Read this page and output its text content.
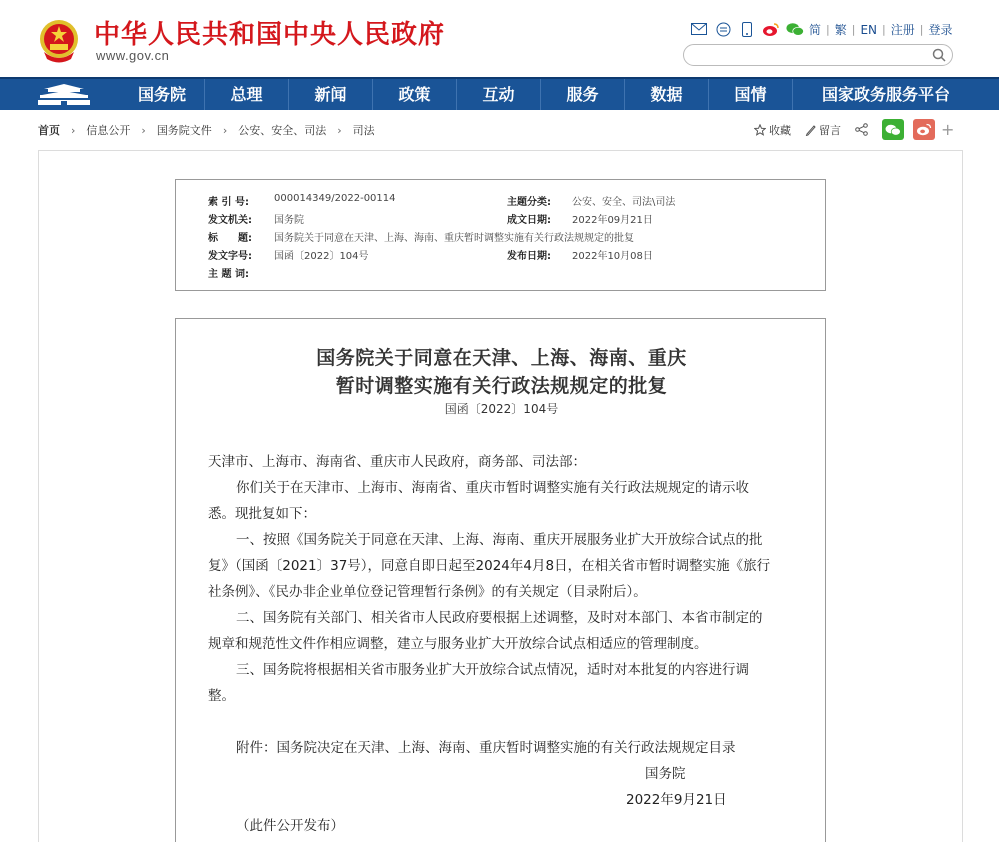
中华人民共和国中央人民政府
www.gov.cn
简 | 繁 | EN | 注册 | 登录
国务院	总理	新闻	政策	互动	服务	数据	国情	国家政务服务平台
首页	›	信息公开	›	国务院文件	›	公安、安全、司法	›	司法	收藏	留言	+
索 引 号:	000014349/2022-00114	主题分类: 公安、安全、司法\司法
发文机关: 国务院	成文日期: 2022年09月21日
标　　题: 国务院关于同意在天津、上海、海南、重庆暂时调整实施有关行政法规规定的批复
发文字号: 国函〔2022〕104号	发布日期: 2022年10月08日
主 题 词:
国务院关于同意在天津、上海、海南、重庆
暂时调整实施有关行政法规规定的批复
国函〔2022〕104号
天津市、上海市、海南省、重庆市人民政府，商务部、司法部：
你们关于在天津市、上海市、海南省、重庆市暂时调整实施有关行政法规规定的请示收
悉。现批复如下：
一、按照《国务院关于同意在天津、上海、海南、重庆开展服务业扩大开放综合试点的批
复》（国函〔2021〕37号），同意自即日起至2024年4月8日，在相关省市暂时调整实施《旅行
社条例》、《民办非企业单位登记管理暂行条例》的有关规定（目录附后）。
二、国务院有关部门、相关省市人民政府要根据上述调整，及时对本部门、本省市制定的
规章和规范性文件作相应调整，建立与服务业扩大开放综合试点相适应的管理制度。
三、国务院将根据相关省市服务业扩大开放综合试点情况，适时对本批复的内容进行调
整。
附件：国务院决定在天津、上海、海南、重庆暂时调整实施的有关行政法规规定目录
国务院
2022年9月21日
（此件公开发布）
